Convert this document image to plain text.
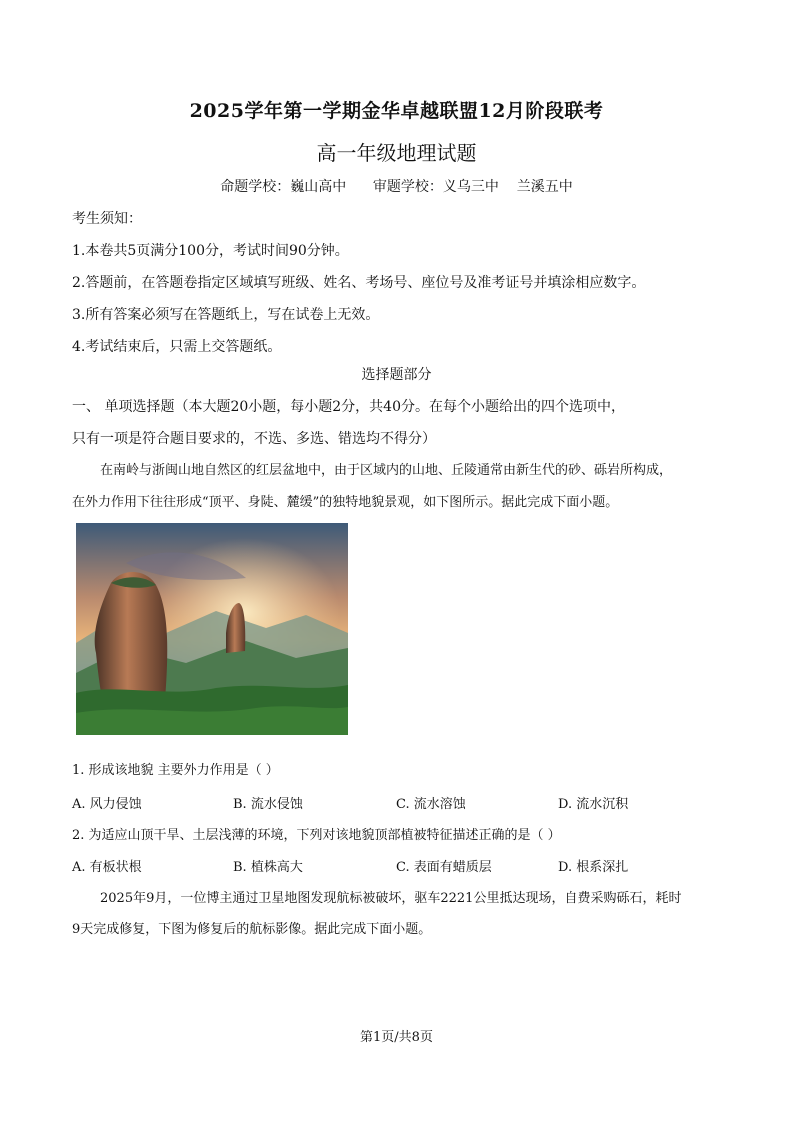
2025学年第一学期金华卓越联盟12月阶段联考
高一年级地理试题
命题学校：巍山高中      审题学校：义乌三中    兰溪五中
考生须知：
1.本卷共5页满分100分，考试时间90分钟。
2.答题前，在答题卷指定区域填写班级、姓名、考场号、座位号及准考证号并填涂相应数字。
3.所有答案必须写在答题纸上，写在试卷上无效。
4.考试结束后，只需上交答题纸。
选择题部分
一、 单项选择题（本大题20小题，每小题2分，共40分。在每个小题给出的四个选项中，
只有一项是符合题目要求的，不选、多选、错选均不得分）
在南岭与浙闽山地自然区的红层盆地中，由于区域内的山地、丘陵通常由新生代的砂、砾岩所构成，
在外力作用下往往形成“顶平、身陡、麓缓”的独特地貌景观，如下图所示。据此完成下面小题。
1. 形成该地貌 主要外力作用是（ ）
A. 风力侵蚀	B. 流水侵蚀	C. 流水溶蚀	D. 流水沉积
2. 为适应山顶干旱、土层浅薄的环境，下列对该地貌顶部植被特征描述正确的是（ ）
A. 有板状根	B. 植株高大	C. 表面有蜡质层	D. 根系深扎
2025年9月，一位博主通过卫星地图发现航标被破坏，驱车2221公里抵达现场，自费采购砾石，耗时
9天完成修复，下图为修复后的航标影像。据此完成下面小题。
第1页/共8页
